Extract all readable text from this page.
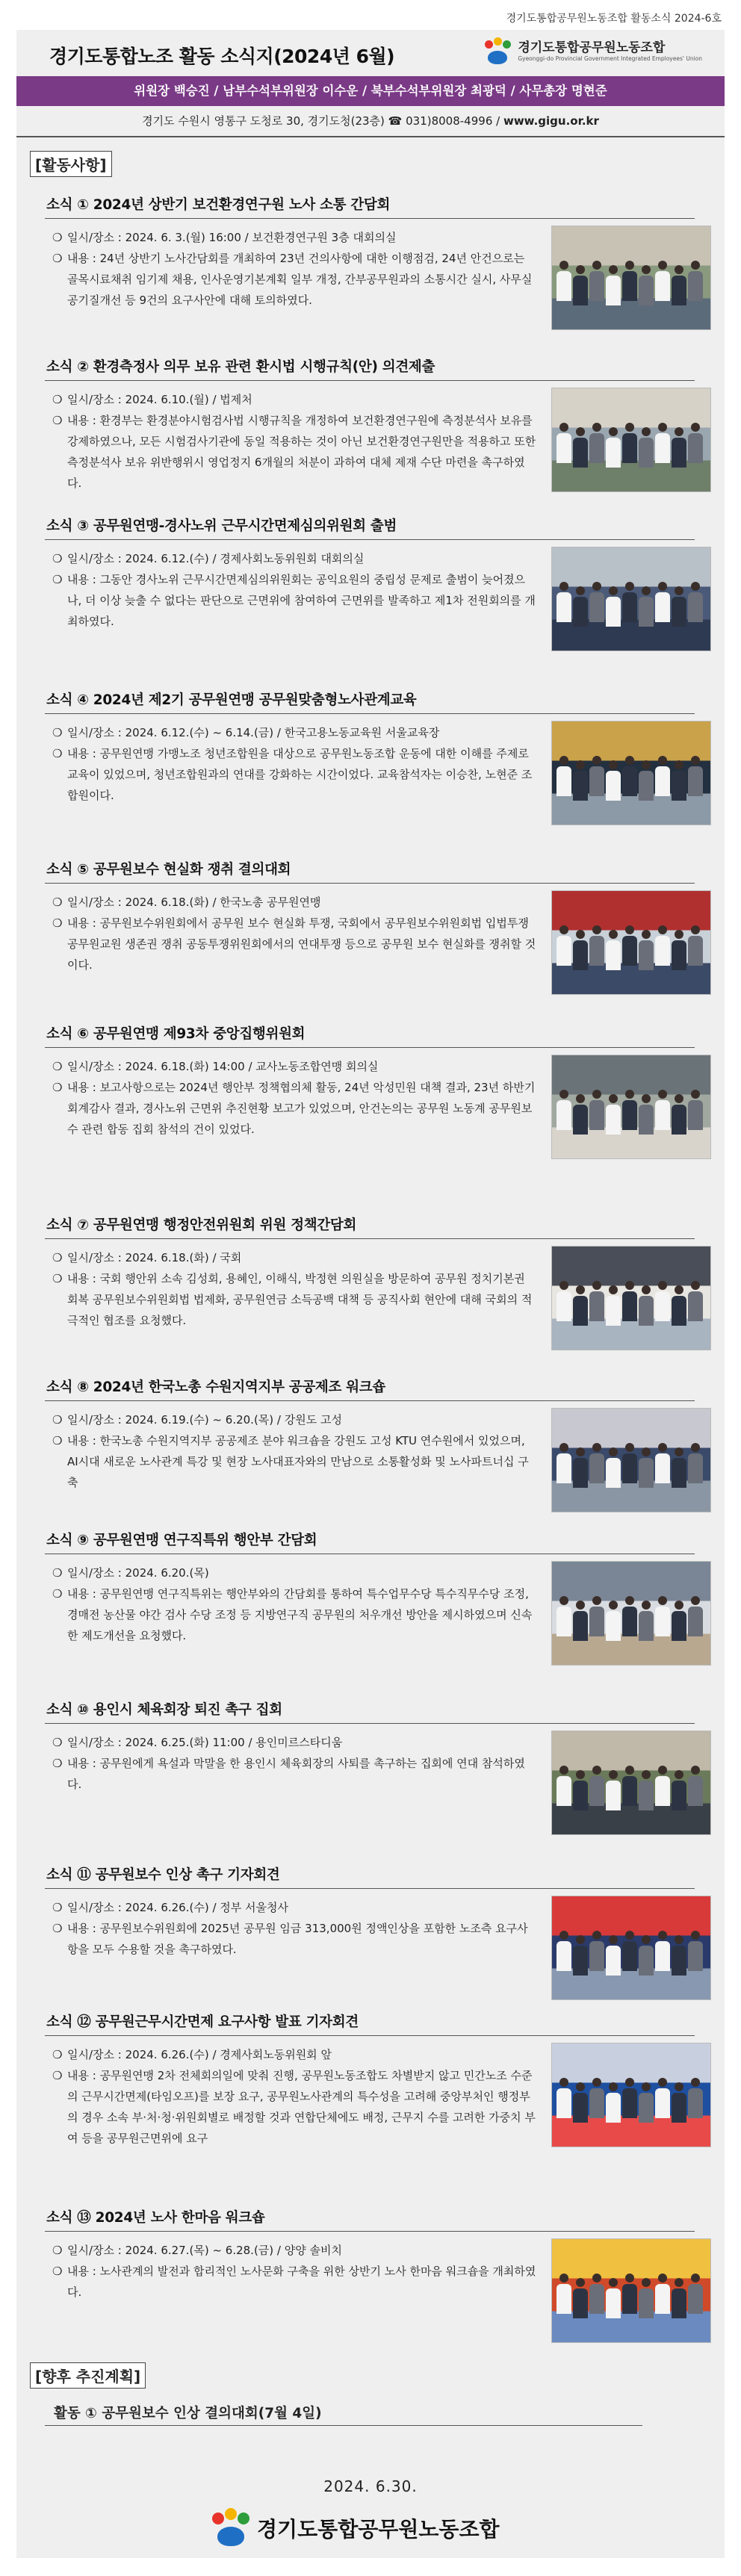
경기도통합공무원노동조합 활동소식 2024-6호
경기도통합노조 활동 소식지(2024년 6월)	경기도통합공무원노동조합
Gyeonggi-do Provincial Government Integrated Employees' Union
위원장 백승진 / 남부수석부위원장 이수운 / 북부수석부위원장 최광덕 / 사무총장 명현준
경기도 수원시 영통구 도청로 30, 경기도청(23층) ☎ 031)8008-4996 / www.gigu.or.kr
[활동사항]
소식 ① 2024년 상반기 보건환경연구원 노사 소통 간담회
❍ 일시/장소 : 2024. 6. 3.(월) 16:00 / 보건환경연구원 3층 대회의실
❍ 내용 : 24년 상반기 노사간담회를 개최하여 23년 건의사항에 대한 이행점검, 24년 안건으로는 골목시료채취 임기제 채용, 인사운영기본계획 일부 개정, 간부공무원과의 소통시간 실시, 사무실 공기질개선 등 9건의 요구사안에 대해 토의하였다.
소식 ② 환경측정사 의무 보유 관련 환시법 시행규칙(안) 의견제출
❍ 일시/장소 : 2024. 6.10.(월) / 법제처
❍ 내용 : 환경부는 환경분야시험검사법 시행규칙을 개정하여 보건환경연구원에 측정분석사 보유를 강제하였으나, 모든 시험검사기관에 동일 적용하는 것이 아닌 보건환경연구원만을 적용하고 또한 측정분석사 보유 위반행위시 영업정지 6개월의 처분이 과하여 대체 제재 수단 마련을 촉구하였다.
소식 ③ 공무원연맹-경사노위 근무시간면제심의위원회 출범
❍ 일시/장소 : 2024. 6.12.(수) / 경제사회노동위원회 대회의실
❍ 내용 : 그동안 경사노위 근무시간면제심의위원회는 공익요원의 중립성 문제로 출범이 늦어졌으나, 더 이상 늦출 수 없다는 판단으로 근면위에 참여하여 근면위를 발족하고 제1차 전원회의를 개최하였다.
소식 ④ 2024년 제2기 공무원연맹 공무원맞춤형노사관계교육
❍ 일시/장소 : 2024. 6.12.(수) ~ 6.14.(금) / 한국고용노동교육원 서울교육장
❍ 내용 : 공무원연맹 가맹노조 청년조합원을 대상으로 공무원노동조합 운동에 대한 이해를 주제로 교육이 있었으며, 청년조합원과의 연대를 강화하는 시간이었다. 교육참석자는 이승찬, 노현준 조합원이다.
소식 ⑤ 공무원보수 현실화 쟁취 결의대회
❍ 일시/장소 : 2024. 6.18.(화) / 한국노총 공무원연맹
❍ 내용 : 공무원보수위원회에서 공무원 보수 현실화 투쟁, 국회에서 공무원보수위원회법 입법투쟁 공무원교원 생존권 쟁취 공동투쟁위원회에서의 연대투쟁 등으로 공무원 보수 현실화를 쟁취할 것이다.
소식 ⑥ 공무원연맹 제93차 중앙집행위원회
❍ 일시/장소 : 2024. 6.18.(화) 14:00 / 교사노동조합연맹 회의실
❍ 내용 : 보고사항으로는 2024년 행안부 정책협의체 활동, 24년 악성민원 대책 결과, 23년 하반기 회계감사 결과, 경사노위 근면위 추진현황 보고가 있었으며, 안건논의는 공무원 노동계 공무원보수 관련 합동 집회 참석의 건이 있었다.
소식 ⑦ 공무원연맹 행정안전위원회 위원 정책간담회
❍ 일시/장소 : 2024. 6.18.(화) / 국회
❍ 내용 : 국회 행안위 소속 김성회, 용혜인, 이해식, 박정현 의원실을 방문하여 공무원 정치기본권 회복 공무원보수위원회법 법제화, 공무원연금 소득공백 대책 등 공직사회 현안에 대해 국회의 적극적인 협조를 요청했다.
소식 ⑧ 2024년 한국노총 수원지역지부 공공제조 워크숍
❍ 일시/장소 : 2024. 6.19.(수) ~ 6.20.(목) / 강원도 고성
❍ 내용 : 한국노총 수원지역지부 공공제조 분야 워크숍을 강원도 고성 KTU 연수원에서 있었으며, AI시대 새로운 노사관계 특강 및 현장 노사대표자와의 만남으로 소통활성화 및 노사파트너십 구축
소식 ⑨ 공무원연맹 연구직특위 행안부 간담회
❍ 일시/장소 : 2024. 6.20.(목)
❍ 내용 : 공무원연맹 연구직특위는 행안부와의 간담회를 통하여 특수업무수당 특수직무수당 조정, 경매전 농산물 야간 검사 수당 조정 등 지방연구직 공무원의 처우개선 방안을 제시하였으며 신속한 제도개선을 요청했다.
소식 ⑩ 용인시 체육회장 퇴진 촉구 집회
❍ 일시/장소 : 2024. 6.25.(화) 11:00 / 용인미르스타디움
❍ 내용 : 공무원에게 욕설과 막말을 한 용인시 체육회장의 사퇴를 촉구하는 집회에 연대 참석하였다.
소식 ⑪ 공무원보수 인상 촉구 기자회견
❍ 일시/장소 : 2024. 6.26.(수) / 정부 서울청사
❍ 내용 : 공무원보수위원회에 2025년 공무원 임금 313,000원 정액인상을 포함한 노조측 요구사항을 모두 수용할 것을 촉구하였다.
소식 ⑫ 공무원근무시간면제 요구사항 발표 기자회견
❍ 일시/장소 : 2024. 6.26.(수) / 경제사회노동위원회 앞
❍ 내용 : 공무원연맹 2차 전체회의일에 맞춰 진행, 공무원노동조합도 차별받지 않고 민간노조 수준의 근무시간면제(타임오프)를 보장 요구, 공무원노사관계의 특수성을 고려해 중앙부처인 행정부의 경우 소속 부·처·청·위원회별로 배정할 것과 연합단체에도 배정, 근무지 수를 고려한 가중치 부여 등을 공무원근면위에 요구
소식 ⑬ 2024년 노사 한마음 워크숍
❍ 일시/장소 : 2024. 6.27.(목) ~ 6.28.(금) / 양양 솔비치
❍ 내용 : 노사관계의 발전과 합리적인 노사문화 구축을 위한 상반기 노사 한마음 워크숍을 개최하였다.
[향후 추진계획]
활동 ① 공무원보수 인상 결의대회(7월 4일)
2024. 6.30.
경기도통합공무원노동조합
